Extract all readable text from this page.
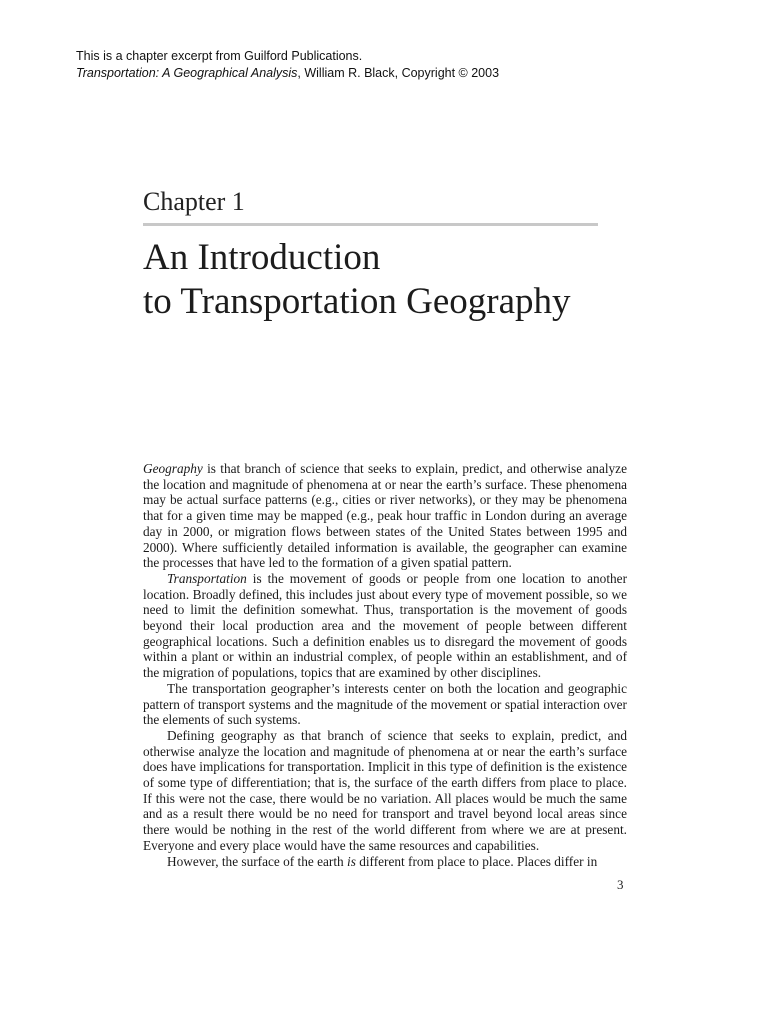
This is a chapter excerpt from Guilford Publications.
Transportation: A Geographical Analysis, William R. Black, Copyright © 2003
Chapter 1
An Introduction
to Transportation Geography

Geography is that branch of science that seeks to explain, predict, and otherwise analyze the location and magnitude of phenomena at or near the earth’s surface. These phenomena may be actual surface patterns (e.g., cities or river networks), or they may be phenomena that for a given time may be mapped (e.g., peak hour traffic in London during an average day in 2000, or migration flows between states of the United States between 1995 and 2000). Where sufficiently detailed information is available, the geographer can examine the processes that have led to the formation of a given spatial pattern.

Transportation is the movement of goods or people from one location to another location. Broadly defined, this includes just about every type of movement possible, so we need to limit the definition somewhat. Thus, transportation is the movement of goods beyond their local production area and the movement of people between different geographical locations. Such a definition enables us to disregard the movement of goods within a plant or within an industrial complex, of people within an establishment, and of the migration of populations, topics that are examined by other disciplines.

The transportation geographer’s interests center on both the location and geographic pattern of transport systems and the magnitude of the movement or spatial interaction over the elements of such systems.

Defining geography as that branch of science that seeks to explain, predict, and otherwise analyze the location and magnitude of phenomena at or near the earth’s surface does have implications for transportation. Implicit in this type of definition is the existence of some type of differentiation; that is, the surface of the earth differs from place to place. If this were not the case, there would be no variation. All places would be much the same and as a result there would be no need for transport and travel beyond local areas since there would be nothing in the rest of the world different from where we are at present. Everyone and every place would have the same resources and capabilities.

However, the surface of the earth is different from place to place. Places differ in

3
